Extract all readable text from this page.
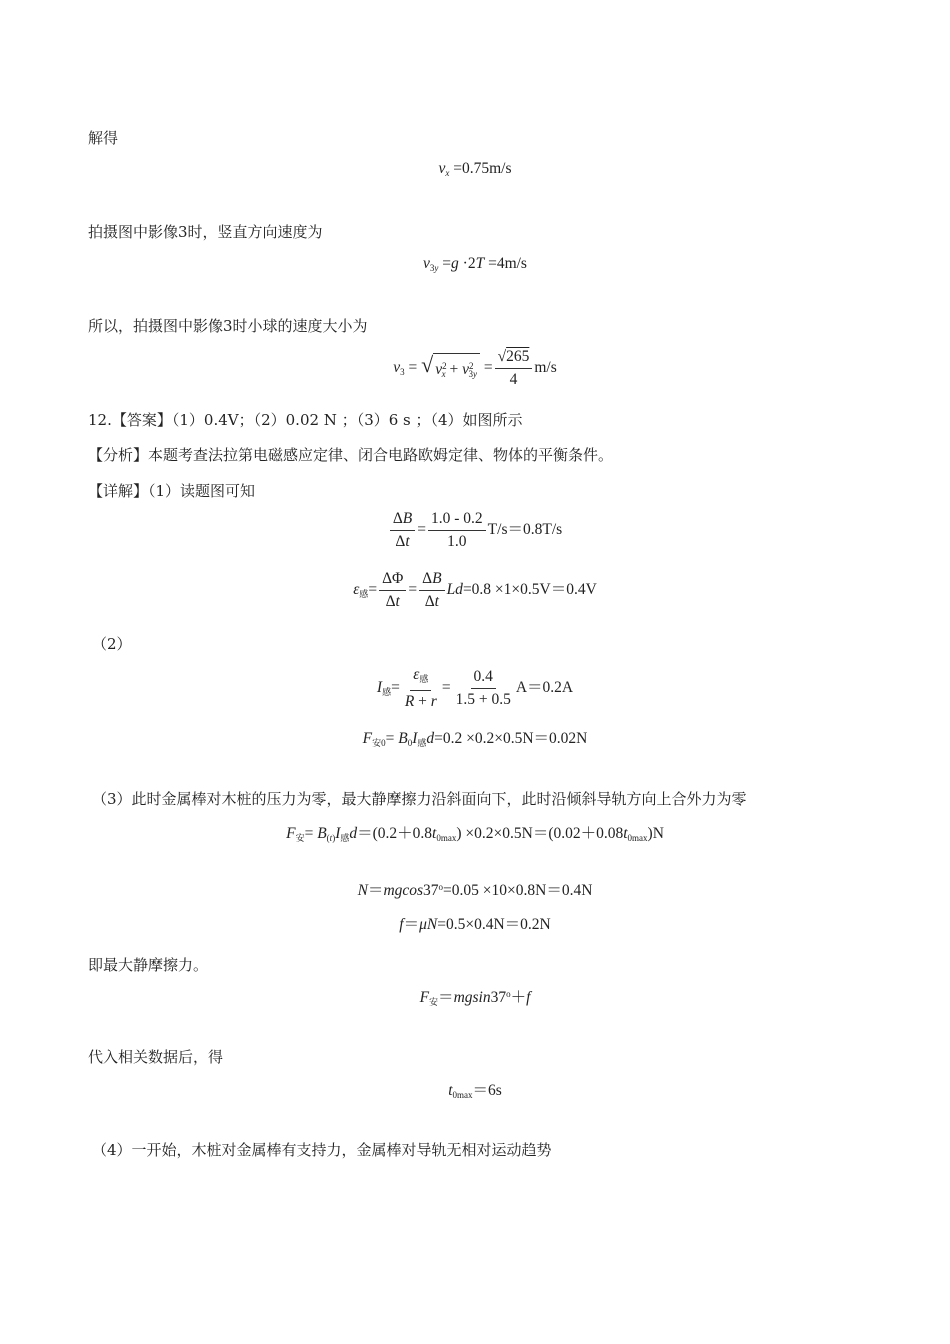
解得
$v_x =0.75m/s$
拍摄图中影像3时，竖直方向速度为
$v_{3y} =g \cdot 2T =4m/s$
所以，拍摄图中影像3时小球的速度大小为
$v_3$ = √ $v^2_x + v^2_{3y} = \frac{√265}{4} m/s$
12.【答案】（1）0.4V；（2）0.02 N ；（3）6 s ；（4）如图所示
【分析】本题考查法拉第电磁感应定律、闭合电路欧姆定律、物体的平衡条件。
【详解】（1）读题图可知
$\frac{\Delta B}{\Delta t} = \frac{1.0 - 0.2}{1.0} T/s=0.8T/s$
$\varepsilon_感= \frac{\Delta\Phi}{\Delta t} = \frac{\Delta B}{\Delta t} Ld=0.8 \times 1\times 0.5V=0.4V$
（2）
$I_感= \frac{\varepsilon_感}{R + r} = \frac{0.4}{1.5 + 0.5} A=0.2A$
$F_{安0}= B_0I_感d=0.2 \times 0.2\times 0.5N=0.02N$
（3）此时金属棒对木桩的压力为零，最大静摩擦力沿斜面向下，此时沿倾斜导轨方向上合外力为零
$F_安= B_{(t)}I_感d=(0.2+0.8t_{0max}) \times 0.2\times 0.5N=(0.02+0.08t_{0max})N$
$N=mgcos37^o=0.05 \times 10\times 0.8N=0.4N$
f＝μN=0.5×0.4N＝0.2N
即最大静摩擦力。
$F_安=mgsin37^o+f$
代入相关数据后，得
$t_{0max}=6s$
（4）一开始，木桩对金属棒有支持力，金属棒对导轨无相对运动趋势
